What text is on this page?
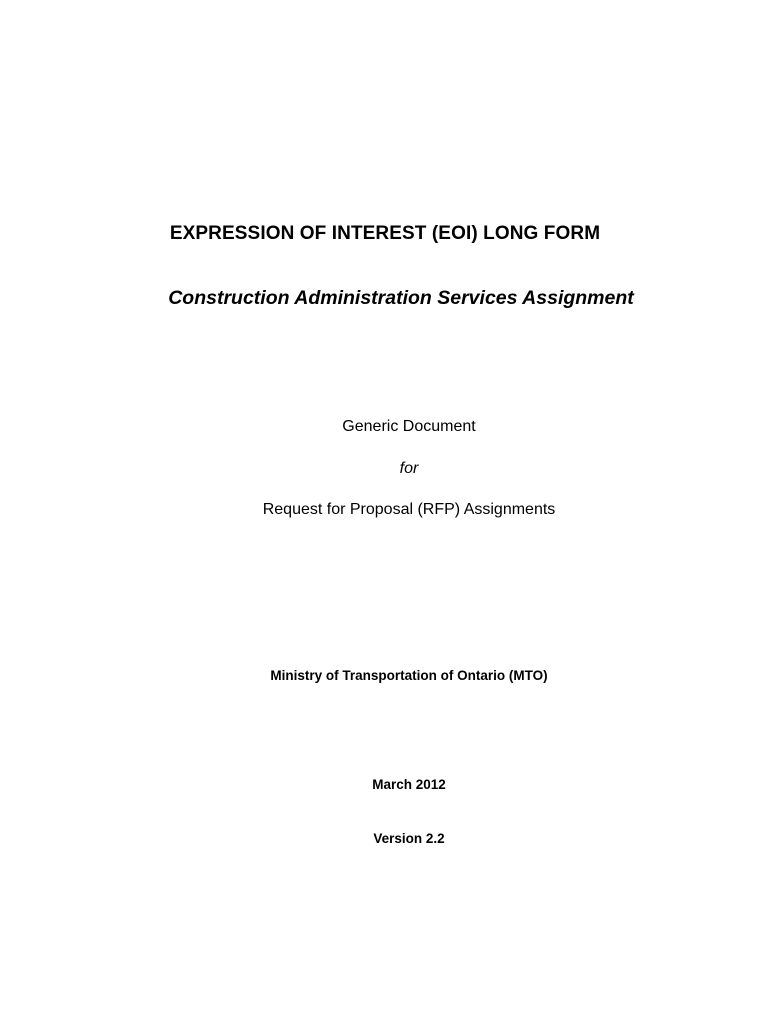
EXPRESSION OF INTEREST (EOI) LONG FORM
Construction Administration Services Assignment
Generic Document
for
Request for Proposal (RFP) Assignments
Ministry of Transportation of Ontario (MTO)
March 2012
Version 2.2
